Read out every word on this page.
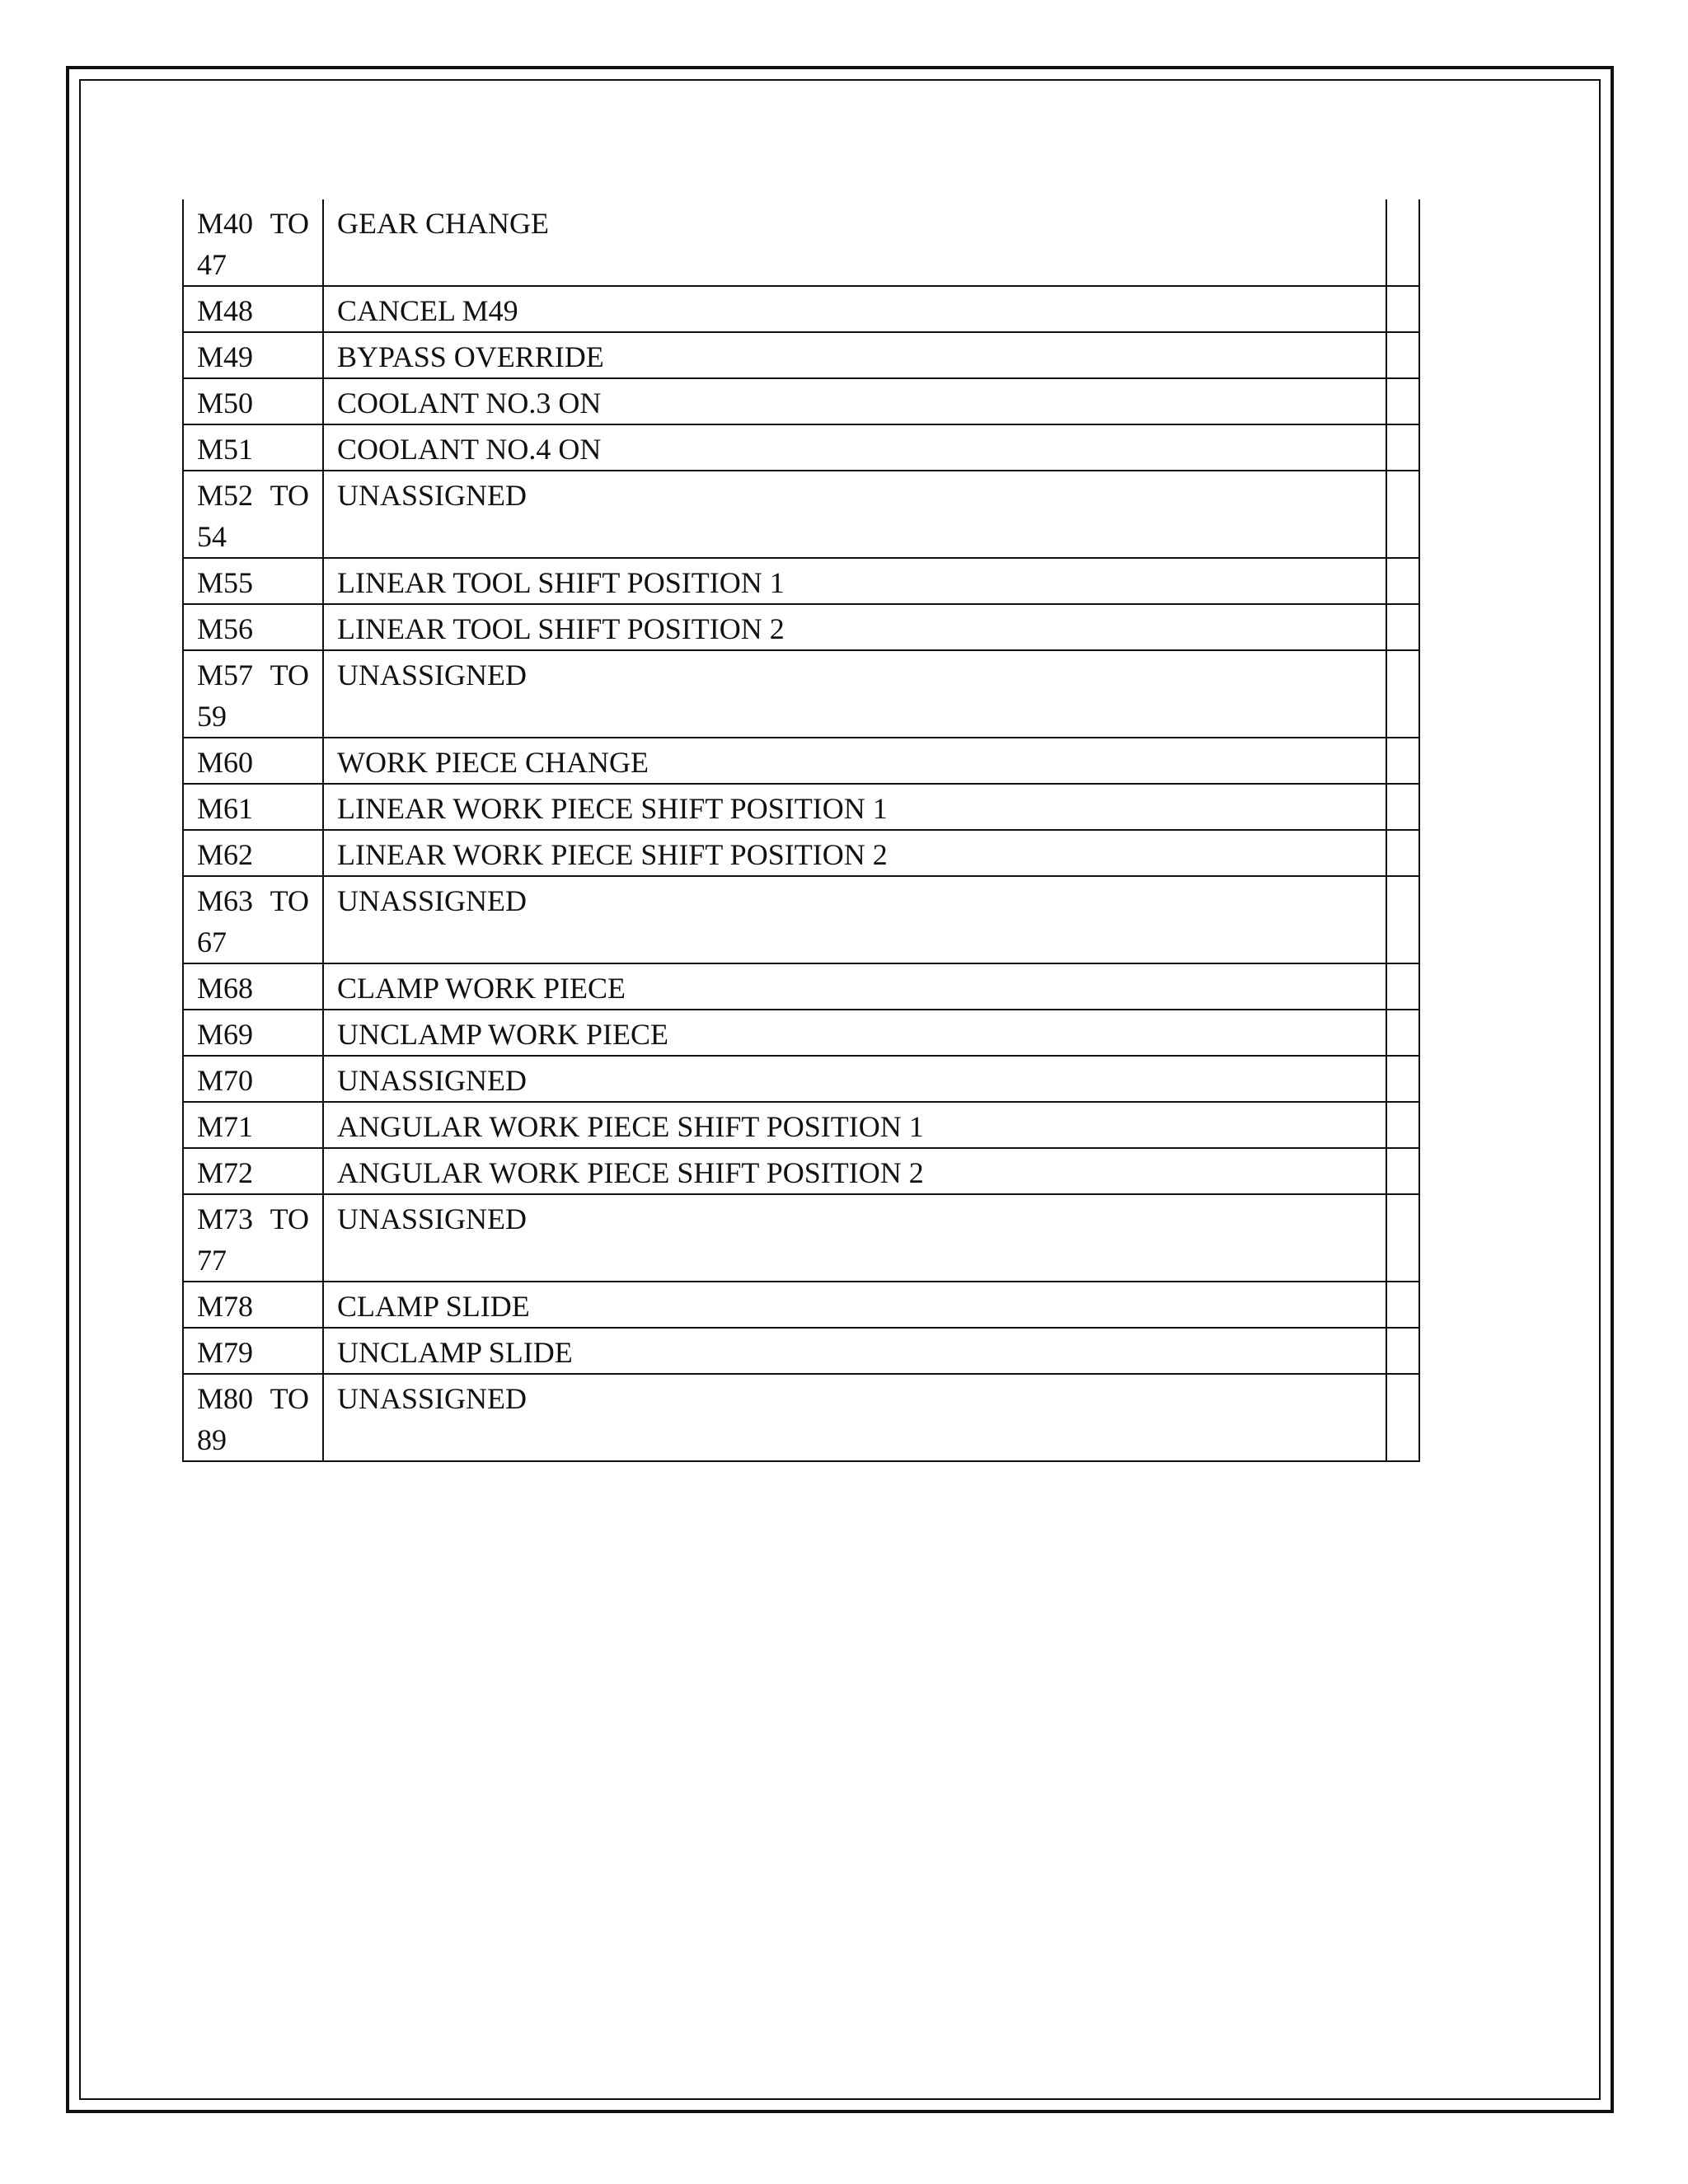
M40 TO 47	GEAR CHANGE	
M48	CANCEL M49	
M49	BYPASS OVERRIDE	
M50	COOLANT NO.3 ON	
M51	COOLANT NO.4 ON	
M52 TO 54	UNASSIGNED	
M55	LINEAR TOOL SHIFT POSITION 1	
M56	LINEAR TOOL SHIFT POSITION 2	
M57 TO 59	UNASSIGNED	
M60	WORK PIECE CHANGE	
M61	LINEAR WORK PIECE SHIFT POSITION 1	
M62	LINEAR WORK PIECE SHIFT POSITION 2	
M63 TO 67	UNASSIGNED	
M68	CLAMP WORK PIECE	
M69	UNCLAMP WORK PIECE	
M70	UNASSIGNED	
M71	ANGULAR WORK PIECE SHIFT POSITION 1	
M72	ANGULAR WORK PIECE SHIFT POSITION 2	
M73 TO 77	UNASSIGNED	
M78	CLAMP SLIDE	
M79	UNCLAMP SLIDE	
M80 TO 89	UNASSIGNED	
